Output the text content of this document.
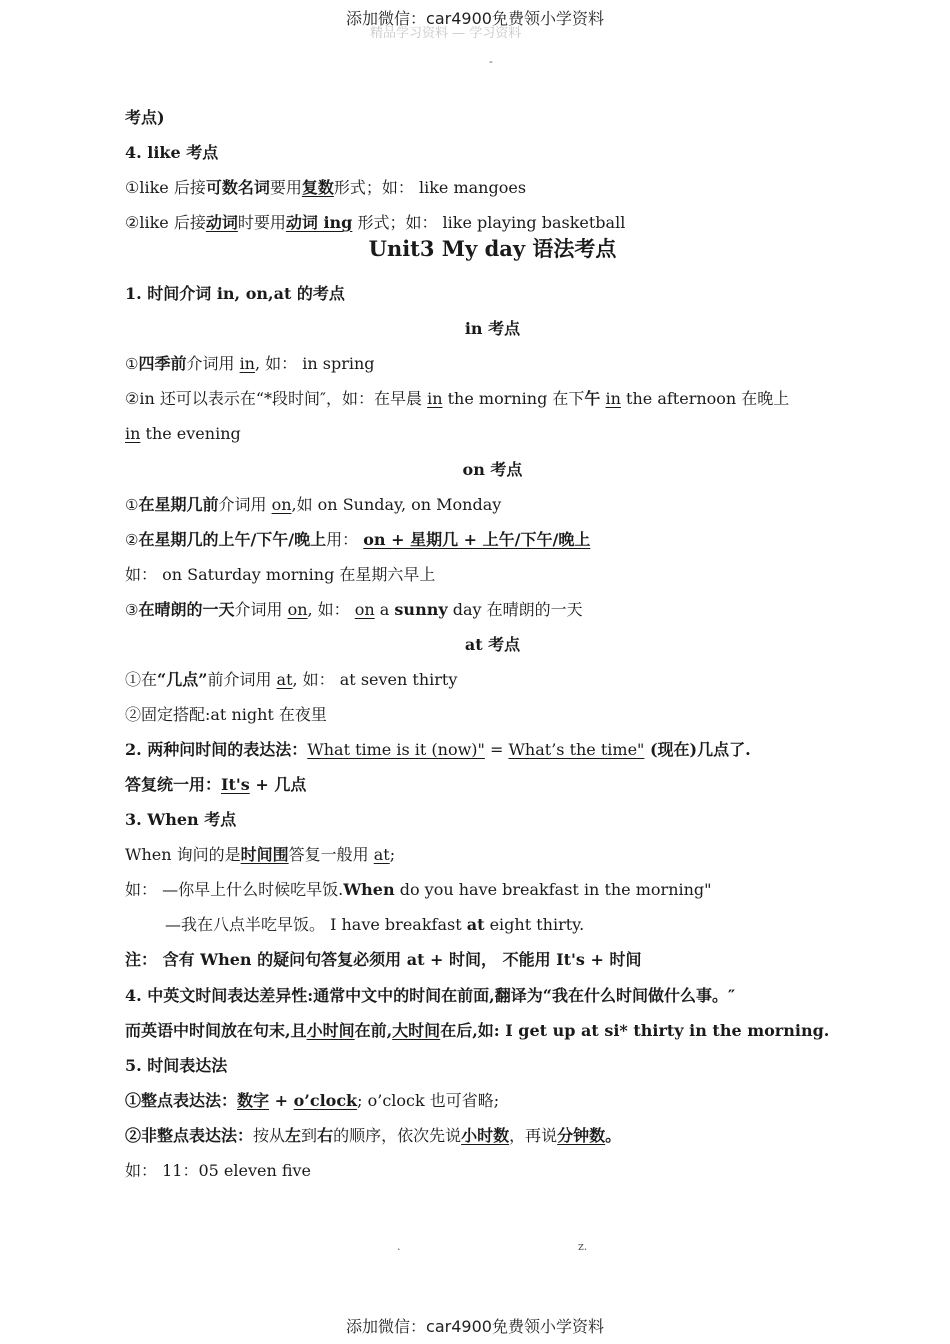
添加微信：car4900免费领小学资料
精品学习资料 — 学习资料
-
考点)
4. like 考点
①like 后接可数名词要用复数形式；如： like mangoes
②like 后接动词时要用动词 ing 形式；如： like playing basketball
Unit3 My day 语法考点
1. 时间介词 in, on,at 的考点
in 考点
①四季前介词用 in, 如： in spring
②in 还可以表示在“*段时间″，如：在早晨 in the morning 在下午 in the afternoon 在晚上
in the evening
on 考点
①在星期几前介词用 on,如 on Sunday, on Monday
②在星期几的上午/下午/晚上用： on + 星期几 + 上午/下午/晚上
如： on Saturday morning 在星期六早上
③在晴朗的一天介词用 on, 如： on a sunny day 在晴朗的一天
at 考点
①在“几点”前介词用 at, 如： at seven thirty
②固定搭配:at night 在夜里
2. 两种问时间的表达法：What time is it (now)" = What’s the time" (现在)几点了.
答复统一用：It's + 几点
3. When 考点
When 询问的是时间围答复一般用 at;
如： —你早上什么时候吃早饭.When do you have breakfast in the morning"
—我在八点半吃早饭。 I have breakfast at eight thirty.
注： 含有 When 的疑问句答复必须用 at + 时间， 不能用 It's + 时间
4. 中英文时间表达差异性:通常中文中的时间在前面,翻译为“我在什么时间做什么事。″
而英语中时间放在句末,且小时间在前,大时间在后,如: I get up at si* thirty in the morning.
5. 时间表达法
①整点表达法：数字 + o’clock; o’clock 也可省略;
②非整点表达法：按从左到右的顺序，依次先说小时数，再说分钟数。
如： 11：05 eleven five
.	z.
添加微信：car4900免费领小学资料
